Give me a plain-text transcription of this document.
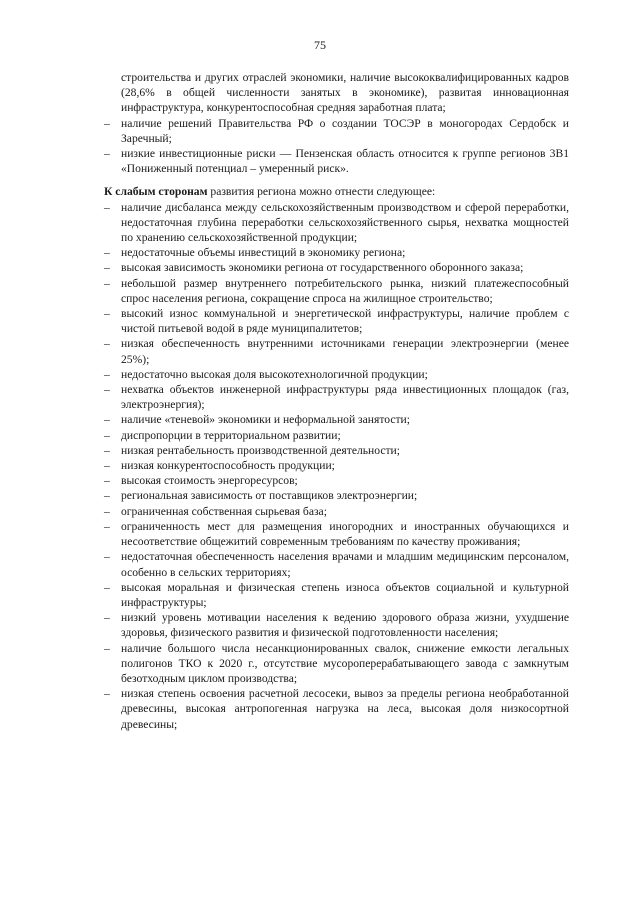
75
строительства и других отраслей экономики, наличие высококвалифицированных кадров (28,6% в общей численности занятых в экономике), развитая инновационная инфраструктура, конкурентоспособная средняя заработная плата;
– наличие решений Правительства РФ о создании ТОСЭР в моногородах Сердобск и Заречный;
– низкие инвестиционные риски — Пензенская область относится к группе регионов 3В1 «Пониженный потенциал – умеренный риск».
К слабым сторонам развития региона можно отнести следующее:
– наличие дисбаланса между сельскохозяйственным производством и сферой переработки, недостаточная глубина переработки сельскохозяйственного сырья, нехватка мощностей по хранению сельскохозяйственной продукции;
– недостаточные объемы инвестиций в экономику региона;
– высокая зависимость экономики региона от государственного оборонного заказа;
– небольшой размер внутреннего потребительского рынка, низкий платежеспособный спрос населения региона, сокращение спроса на жилищное строительство;
– высокий износ коммунальной и энергетической инфраструктуры, наличие проблем с чистой питьевой водой в ряде муниципалитетов;
– низкая обеспеченность внутренними источниками генерации электроэнергии (менее 25%);
– недостаточно высокая доля высокотехнологичной продукции;
– нехватка объектов инженерной инфраструктуры ряда инвестиционных площадок (газ, электроэнергия);
– наличие «теневой» экономики и неформальной занятости;
– диспропорции в территориальном развитии;
– низкая рентабельность производственной деятельности;
– низкая конкурентоспособность продукции;
– высокая стоимость энергоресурсов;
– региональная зависимость от поставщиков электроэнергии;
– ограниченная собственная сырьевая база;
– ограниченность мест для размещения иногородних и иностранных обучающихся и несоответствие общежитий современным требованиям по качеству проживания;
– недостаточная обеспеченность населения врачами и младшим медицинским персоналом, особенно в сельских территориях;
– высокая моральная и физическая степень износа объектов социальной и культурной инфраструктуры;
– низкий уровень мотивации населения к ведению здорового образа жизни, ухудшение здоровья, физического развития и физической подготовленности населения;
– наличие большого числа несанкционированных свалок, снижение емкости легальных полигонов ТКО к 2020 г., отсутствие мусороперерабатывающего завода с замкнутым безотходным циклом производства;
– низкая степень освоения расчетной лесосеки, вывоз за пределы региона необработанной древесины, высокая антропогенная нагрузка на леса, высокая доля низкосортной древесины;
